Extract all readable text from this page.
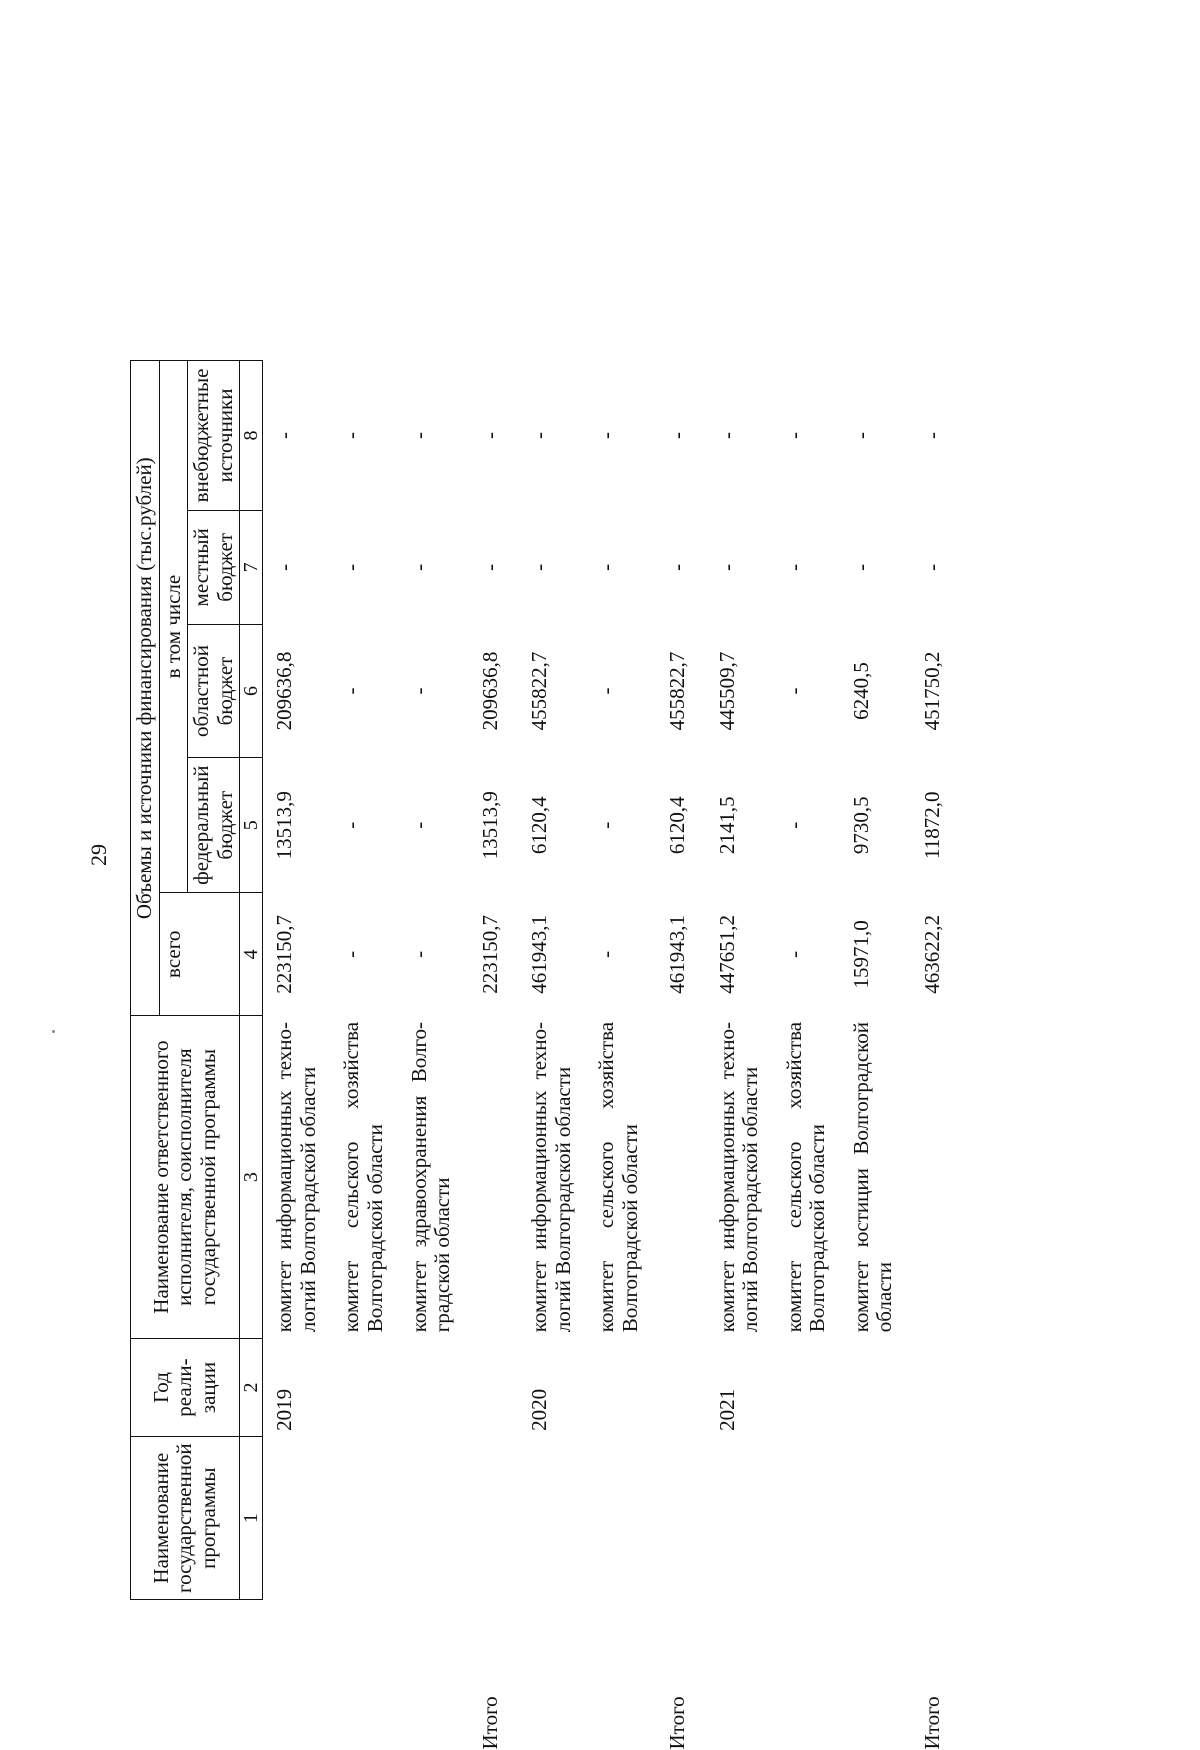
29
Наименование государственной программы	Год реали- зации	Наименование ответственного исполнителя, соисполнителя государственной программы	Объемы и источники финансирования (тыс.рублей)
всего	в том числе
федеральный бюджет	областной бюджет	местный бюджет	внебюджетные источники
1	2	3	4	5	6	7	8
	2019	комитет информационных техно- логий Волгоградской области	223150,7	13513,9	209636,8	-	-
		комитет сельского хозяйства Волгоградской области	-	-	-	-	-
		комитет здравоохранения Волго- градской области	-	-	-	-	-
Итого			223150,7	13513,9	209636,8	-	-
	2020	комитет информационных техно- логий Волгоградской области	461943,1	6120,4	455822,7	-	-
		комитет сельского хозяйства Волгоградской области	-	-	-	-	-
Итого			461943,1	6120,4	455822,7	-	-
	2021	комитет информационных техно- логий Волгоградской области	447651,2	2141,5	445509,7	-	-
		комитет сельского хозяйства Волгоградской области	-	-	-	-	-
		комитет юстиции Волгоградской области	15971,0	9730,5	6240,5	-	-
Итого			463622,2	11872,0	451750,2	-	-
